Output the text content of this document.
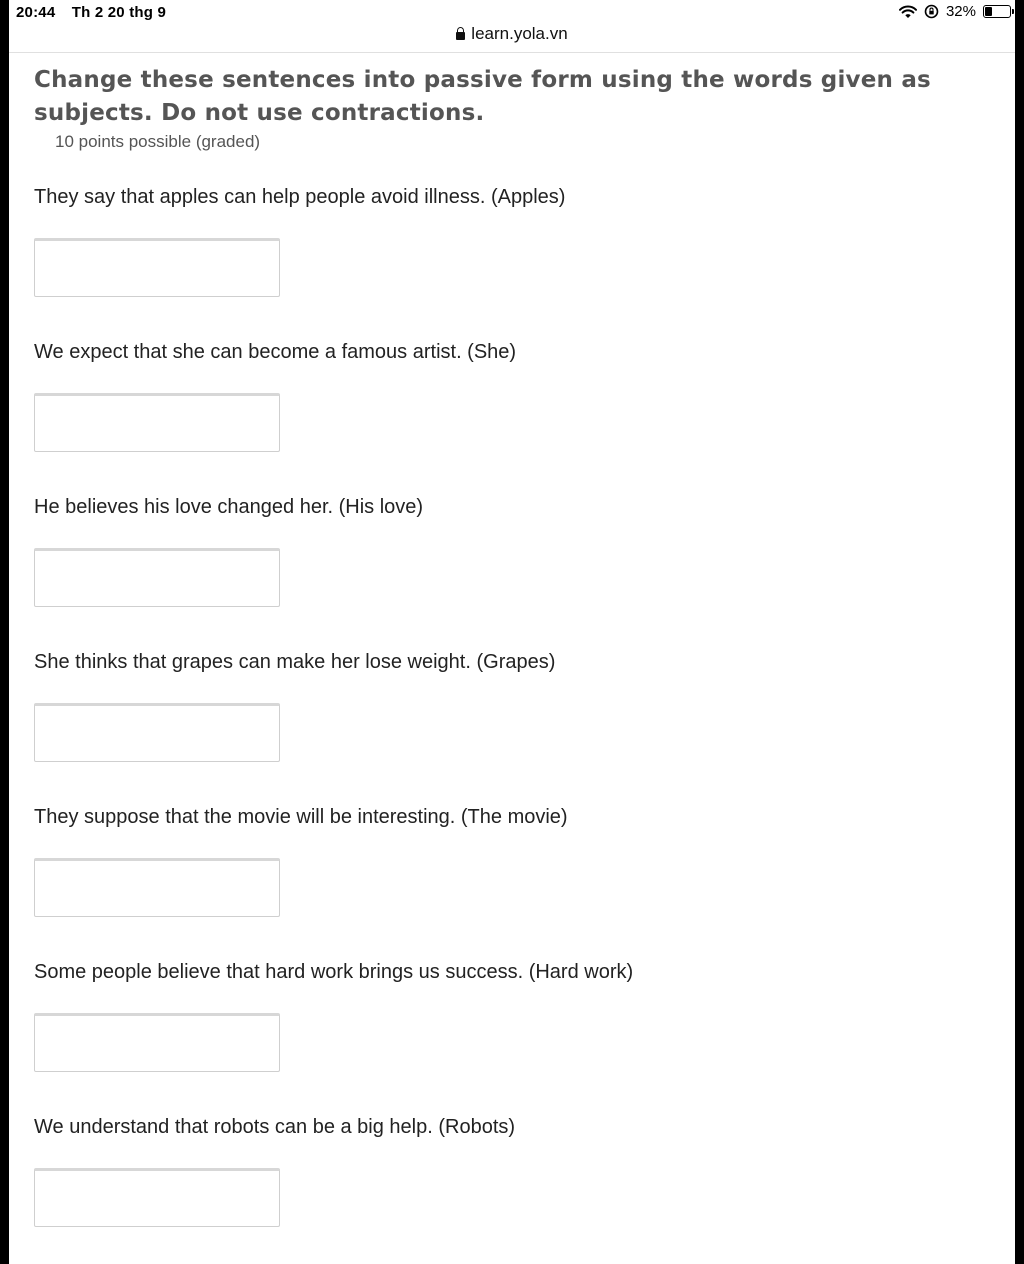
20:44 Th 2 20 thg 9	32%
learn.yola.vn
Change these sentences into passive form using the words given as subjects. Do not use contractions.
10 points possible (graded)

They say that apples can help people avoid illness. (Apples)

We expect that she can become a famous artist. (She)

He believes his love changed her. (His love)

She thinks that grapes can make her lose weight. (Grapes)

They suppose that the movie will be interesting. (The movie)

Some people believe that hard work brings us success. (Hard work)

We understand that robots can be a big help. (Robots)
